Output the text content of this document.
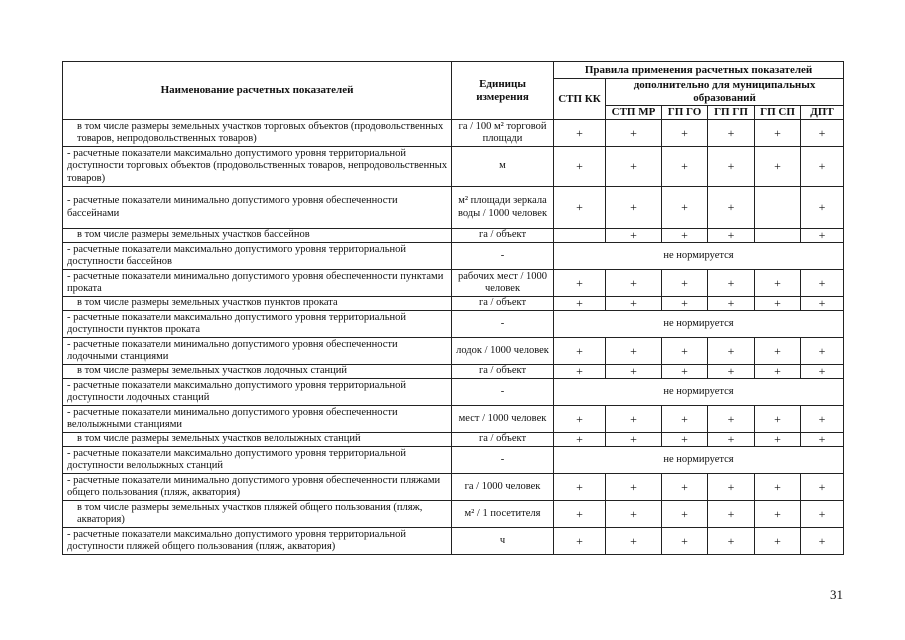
Наименование расчетных показателей	Единицы измерения	Правила применения расчетных показателей					
		СТП КК	дополнительно для муниципальных образований				
			СТП МР	ГП ГО	ГП ГП	ГП СП	ДПТ
в том числе размеры земельных участков торговых объектов (продовольственных товаров, непродовольственных товаров)	га / 100 м² торговой площади	+	+	+	+	+	+
- расчетные показатели максимально допустимого уровня территориальной доступности торговых объектов (продовольственных товаров, непродовольственных товаров)	м	+	+	+	+	+	+
- расчетные показатели минимально допустимого уровня обеспеченности бассейнами	м² площади зеркала воды / 1000 человек	+	+	+	+		+
в том числе размеры земельных участков бассейнов	га / объект		+	+	+		+
- расчетные показатели максимально допустимого уровня территориальной доступности бассейнов	-	не нормируется					
- расчетные показатели минимально допустимого уровня обеспеченности пунктами проката	рабочих мест / 1000 человек	+	+	+	+	+	+
в том числе размеры земельных участков пунктов проката	га / объект	+	+	+	+	+	+
- расчетные показатели максимально допустимого уровня территориальной доступности пунктов проката	-	не нормируется					
- расчетные показатели минимально допустимого уровня обеспеченности лодочными станциями	лодок / 1000 человек	+	+	+	+	+	+
в том числе размеры земельных участков лодочных станций	га / объект	+	+	+	+	+	+
- расчетные показатели максимально допустимого уровня территориальной доступности лодочных станций	-	не нормируется					
- расчетные показатели минимально допустимого уровня обеспеченности велолыжными станциями	мест / 1000 человек	+	+	+	+	+	+
в том числе размеры земельных участков велолыжных станций	га / объект	+	+	+	+	+	+
- расчетные показатели максимально допустимого уровня территориальной доступности велолыжных станций	-	не нормируется					
- расчетные показатели минимально допустимого уровня обеспеченности пляжами общего пользования (пляж, акватория)	га / 1000 человек	+	+	+	+	+	+
в том числе размеры земельных участков пляжей общего пользования (пляж, акватория)	м² / 1 посетителя	+	+	+	+	+	+
- расчетные показатели максимально допустимого уровня территориальной доступности пляжей общего пользования (пляж, акватория)	ч	+	+	+	+	+	+
31
